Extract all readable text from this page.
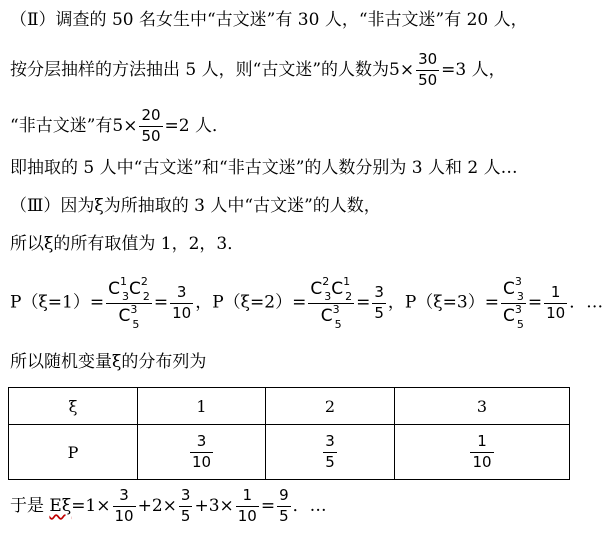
（Ⅱ）调查的 50 名女生中“古文迷”有 30 人，“非古文迷”有 20 人，
按分层抽样的方法抽出 5 人，则“古文迷”的人数为$5\times \frac{30}{50} =3$ 人，
“非古文迷”有$5\times \frac{20}{50} =2$ 人．
即抽取的 5 人中“古文迷”和“非古文迷”的人数分别为 3 人和 2 人…
（Ⅲ）因为ξ为所抽取的 3 人中“古文迷”的人数，
所以ξ的所有取值为 1，2，3．
$P(\xi=1)= \frac{C^1_3C^2_2}{C^3_5} = \frac{3}{10}$ ，$P(\xi=2)= \frac{C^2_3C^1_2}{C^3_5} = \frac{3}{5}$ ，$P(\xi=3)= \frac{C^3_3}{C^3_5} = \frac{1}{10}$ ．…
所以随机变量ξ的分布列为
ξ	1	2	3
P	$\frac{3}{10}$	$\frac{3}{5}$	$\frac{1}{10}$
于是 $E\xi=1\times \frac{3}{10} +2\times \frac{3}{5} +3\times \frac{1}{10} = \frac{9}{5}$ ．…
